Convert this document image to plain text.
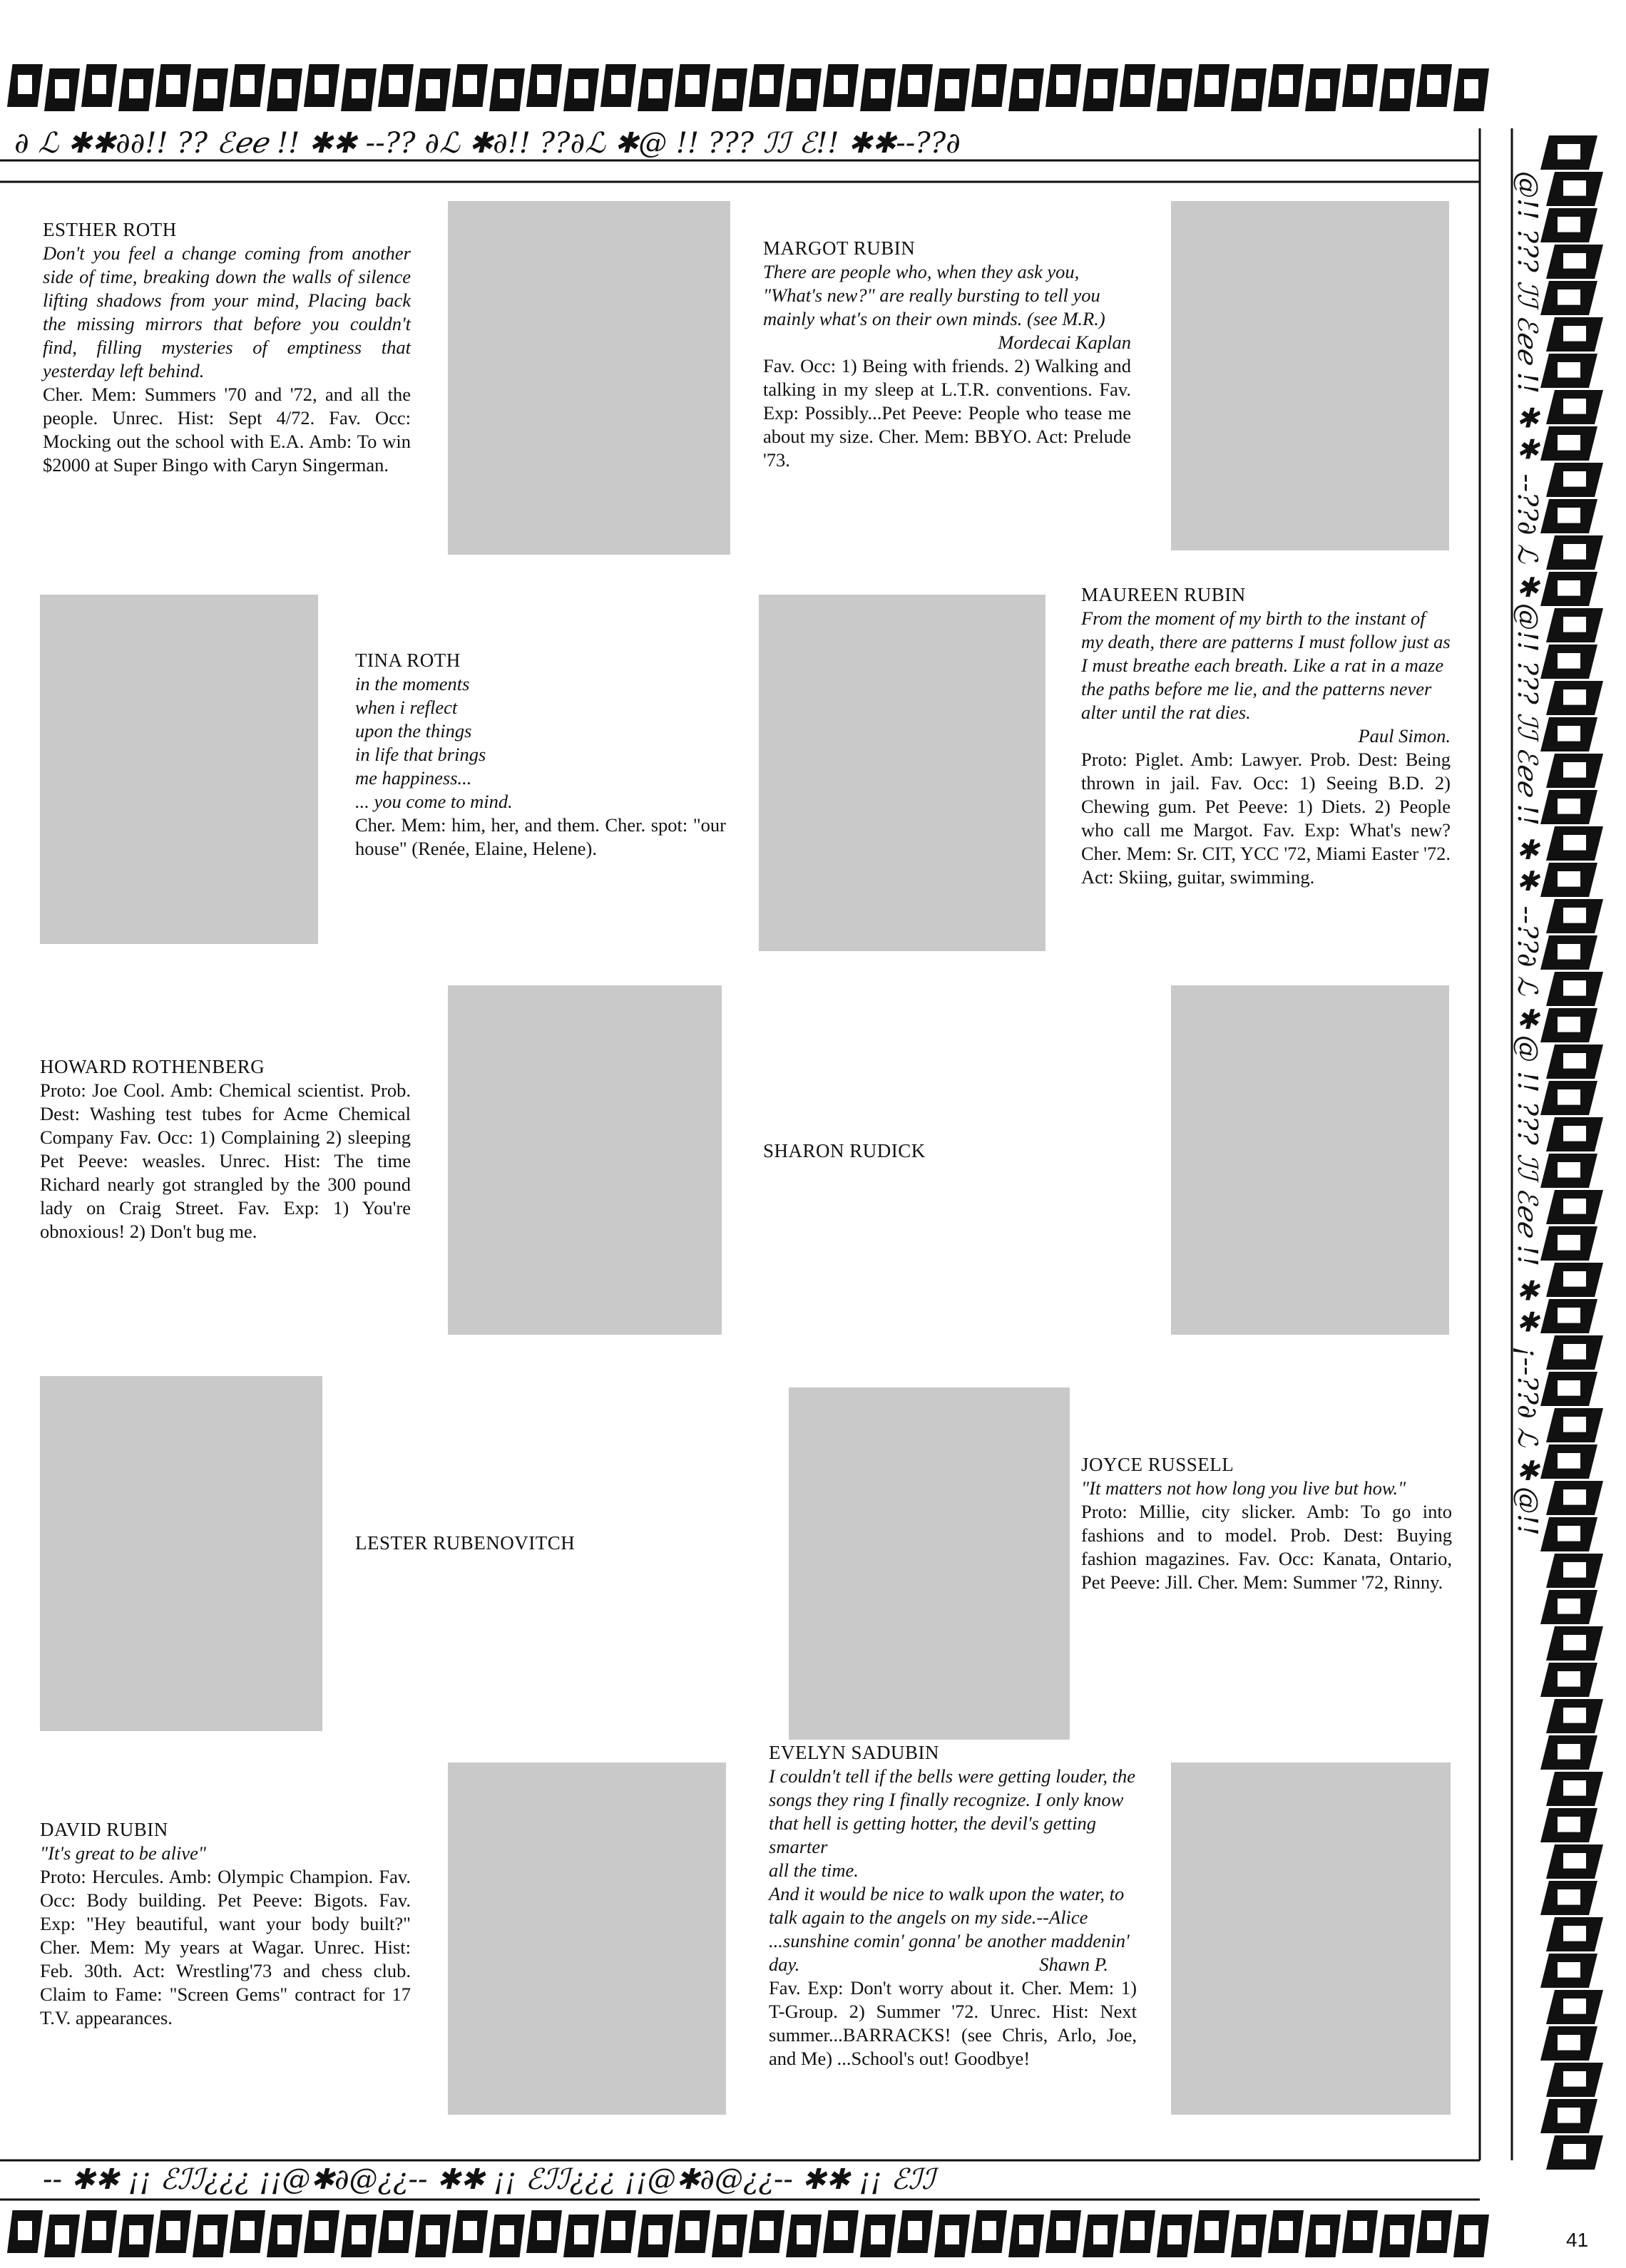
∂ ℒ ✱✱∂∂!! ?? ℰℯℯ !! ✱✱ --?? ∂ℒ ✱∂!! ??∂ℒ ✱@ !! ??? ℐℐ ℰ!! ✱✱--??∂
@!! ??? ℐℐ ℰℯℯ !! ✱✱ --??∂ ℒ ✱@!! ??? ℐℐ ℰℯℯ !! ✱✱ --??∂ ℒ ✱@ !! ??? ℐℐ ℰℯℯ !! ✱✱ ¡--??∂ ℒ ✱@!!
-- ✱✱ ¡¡ ℰℐℐ¿¿¿ ¡¡@✱∂@¿¿-- ✱✱ ¡¡ ℰℐℐ¿¿¿ ¡¡@✱∂@¿¿-- ✱✱ ¡¡ ℰℐℐ
ESTHER ROTH
Don't you feel a change coming from another side of time, breaking down the walls of silence lifting shadows from your mind, Placing back the missing mirrors that before you couldn't find, filling mysteries of emptiness that yesterday left behind.
Cher. Mem: Summers '70 and '72, and all the people. Unrec. Hist: Sept 4/72. Fav. Occ: Mocking out the school with E.A. Amb: To win $2000 at Super Bingo with Caryn Singerman.
MARGOT RUBIN
There are people who, when they ask you, "What's new?" are really bursting to tell you mainly what's on their own minds. (see M.R.)
Mordecai Kaplan
Fav. Occ: 1) Being with friends. 2) Walking and talking in my sleep at L.T.R. conventions. Fav. Exp: Possibly...Pet Peeve: People who tease me about my size. Cher. Mem: BBYO. Act: Prelude '73.
TINA ROTH
in the moments
when i reflect
upon the things
in life that brings
me happiness...
... you come to mind.
Cher. Mem: him, her, and them. Cher. spot: "our house" (Renée, Elaine, Helene).
MAUREEN RUBIN
From the moment of my birth to the instant of my death, there are patterns I must follow just as I must breathe each breath. Like a rat in a maze the paths before me lie, and the patterns never alter until the rat dies.
Paul Simon.
Proto: Piglet. Amb: Lawyer. Prob. Dest: Being thrown in jail. Fav. Occ: 1) Seeing B.D. 2) Chewing gum. Pet Peeve: 1) Diets. 2) People who call me Margot. Fav. Exp: What's new? Cher. Mem: Sr. CIT, YCC '72, Miami Easter '72. Act: Skiing, guitar, swimming.
HOWARD ROTHENBERG
Proto: Joe Cool. Amb: Chemical scientist. Prob. Dest: Washing test tubes for Acme Chemical Company Fav. Occ: 1) Complaining 2) sleeping Pet Peeve: weasles. Unrec. Hist: The time Richard nearly got strangled by the 300 pound lady on Craig Street. Fav. Exp: 1) You're obnoxious! 2) Don't bug me.
SHARON RUDICK
LESTER RUBENOVITCH
JOYCE RUSSELL
"It matters not how long you live but how."
Proto: Millie, city slicker. Amb: To go into fashions and to model. Prob. Dest: Buying fashion magazines. Fav. Occ: Kanata, Ontario, Pet Peeve: Jill. Cher. Mem: Summer '72, Rinny.
EVELYN SADUBIN
I couldn't tell if the bells were getting louder, the songs they ring I finally recognize. I only know that hell is getting hotter, the devil's getting smarter
all the time.
And it would be nice to walk upon the water, to talk again to the angels on my side.--Alice
...sunshine comin' gonna' be another maddenin' day.	Shawn P.
Fav. Exp: Don't worry about it. Cher. Mem: 1) T-Group. 2) Summer '72. Unrec. Hist: Next summer...BARRACKS! (see Chris, Arlo, Joe, and Me) ...School's out! Goodbye!
DAVID RUBIN
"It's great to be alive"
Proto: Hercules. Amb: Olympic Champion. Fav. Occ: Body building. Pet Peeve: Bigots. Fav. Exp: "Hey beautiful, want your body built?" Cher. Mem: My years at Wagar. Unrec. Hist: Feb. 30th. Act: Wrestling'73 and chess club. Claim to Fame: "Screen Gems" contract for 17 T.V. appearances.
41
